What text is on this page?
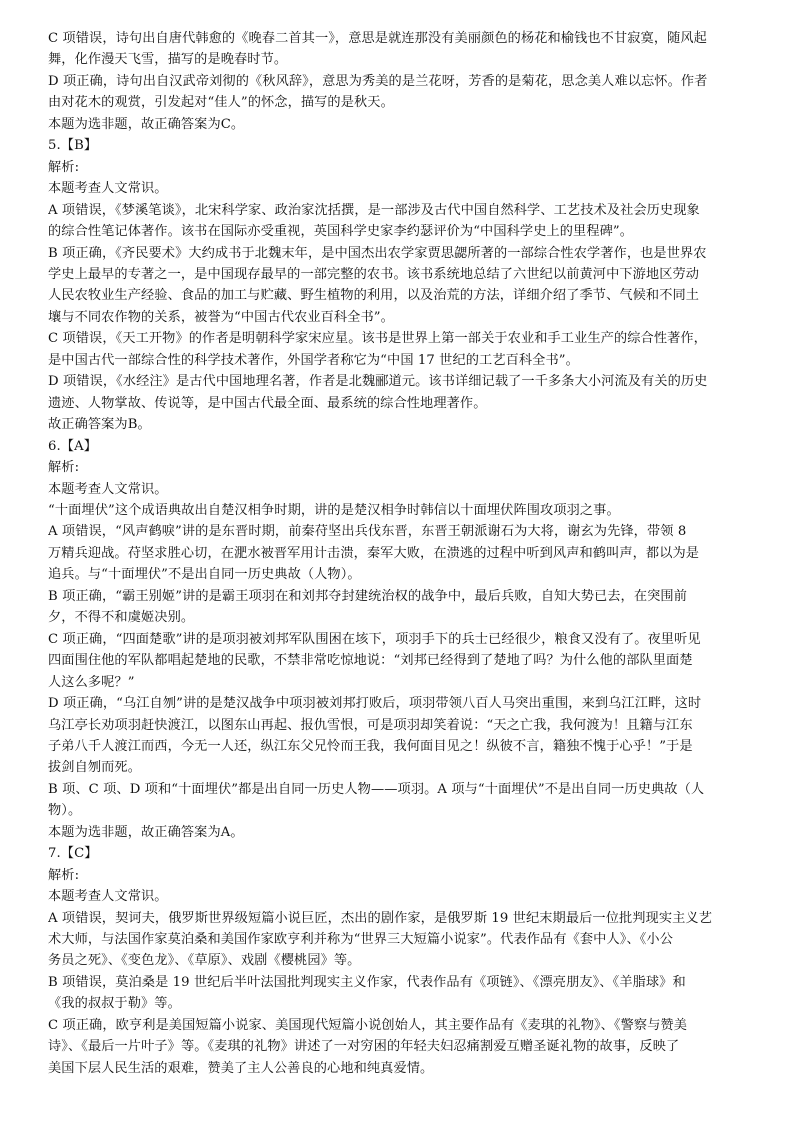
C 项错误，诗句出自唐代韩愈的《晚春二首其一》，意思是就连那没有美丽颜色的杨花和榆钱也不甘寂寞，随风起
舞，化作漫天飞雪，描写的是晚春时节。
D 项正确，诗句出自汉武帝刘彻的《秋风辞》，意思为秀美的是兰花呀，芳香的是菊花，思念美人难以忘怀。作者
由对花木的观赏，引发起对“佳人”的怀念，描写的是秋天。
本题为选非题，故正确答案为C。
5.【B】
解析:
本题考查人文常识。
A 项错误，《梦溪笔谈》，北宋科学家、政治家沈括撰，是一部涉及古代中国自然科学、工艺技术及社会历史现象
的综合性笔记体著作。该书在国际亦受重视，英国科学史家李约瑟评价为“中国科学史上的里程碑”。
B 项正确，《齐民要术》大约成书于北魏末年，是中国杰出农学家贾思勰所著的一部综合性农学著作，也是世界农
学史上最早的专著之一，是中国现存最早的一部完整的农书。该书系统地总结了六世纪以前黄河中下游地区劳动
人民农牧业生产经验、食品的加工与贮藏、野生植物的利用，以及治荒的方法，详细介绍了季节、气候和不同土
壤与不同农作物的关系，被誉为“中国古代农业百科全书”。
C 项错误，《天工开物》的作者是明朝科学家宋应星。该书是世界上第一部关于农业和手工业生产的综合性著作，
是中国古代一部综合性的科学技术著作，外国学者称它为“中国 17 世纪的工艺百科全书”。
D 项错误，《水经注》是古代中国地理名著，作者是北魏郦道元。该书详细记载了一千多条大小河流及有关的历史
遗迹、人物掌故、传说等，是中国古代最全面、最系统的综合性地理著作。
故正确答案为B。
6.【A】
解析:
本题考查人文常识。
“十面埋伏”这个成语典故出自楚汉相争时期，讲的是楚汉相争时韩信以十面埋伏阵围攻项羽之事。
A 项错误，“风声鹤唳”讲的是东晋时期，前秦苻坚出兵伐东晋，东晋王朝派谢石为大将，谢玄为先锋，带领 8
万精兵迎战。苻坚求胜心切，在淝水被晋军用计击溃，秦军大败，在溃逃的过程中听到风声和鹤叫声，都以为是
追兵。与“十面埋伏”不是出自同一历史典故（人物）。
B 项正确，“霸王别姬”讲的是霸王项羽在和刘邦夺封建统治权的战争中，最后兵败，自知大势已去，在突围前
夕，不得不和虞姬决别。
C 项正确，“四面楚歌”讲的是项羽被刘邦军队围困在垓下，项羽手下的兵士已经很少，粮食又没有了。夜里听见
四面围住他的军队都唱起楚地的民歌，不禁非常吃惊地说：“刘邦已经得到了楚地了吗？为什么他的部队里面楚
人这么多呢？”
D 项正确，“乌江自刎”讲的是楚汉战争中项羽被刘邦打败后，项羽带领八百人马突出重围，来到乌江江畔，这时
乌江亭长劝项羽赶快渡江，以图东山再起、报仇雪恨，可是项羽却笑着说：“天之亡我，我何渡为！且籍与江东
子弟八千人渡江而西，今无一人还，纵江东父兄怜而王我，我何面目见之！纵彼不言，籍独不愧于心乎！”于是
拔剑自刎而死。
B 项、C 项、D 项和“十面埋伏”都是出自同一历史人物——项羽。A 项与“十面埋伏”不是出自同一历史典故（人
物）。
本题为选非题，故正确答案为A。
7.【C】
解析:
本题考查人文常识。
A 项错误，契诃夫，俄罗斯世界级短篇小说巨匠，杰出的剧作家，是俄罗斯 19 世纪末期最后一位批判现实主义艺
术大师，与法国作家莫泊桑和美国作家欧亨利并称为“世界三大短篇小说家”。代表作品有《套中人》、《小公
务员之死》、《变色龙》、《草原》、戏剧《樱桃园》等。
B 项错误，莫泊桑是 19 世纪后半叶法国批判现实主义作家，代表作品有《项链》、《漂亮朋友》、《羊脂球》和
《我的叔叔于勒》等。
C 项正确，欧亨利是美国短篇小说家、美国现代短篇小说创始人，其主要作品有《麦琪的礼物》、《警察与赞美
诗》、《最后一片叶子》等。《麦琪的礼物》讲述了一对穷困的年轻夫妇忍痛割爱互赠圣诞礼物的故事，反映了
美国下层人民生活的艰难，赞美了主人公善良的心地和纯真爱情。
